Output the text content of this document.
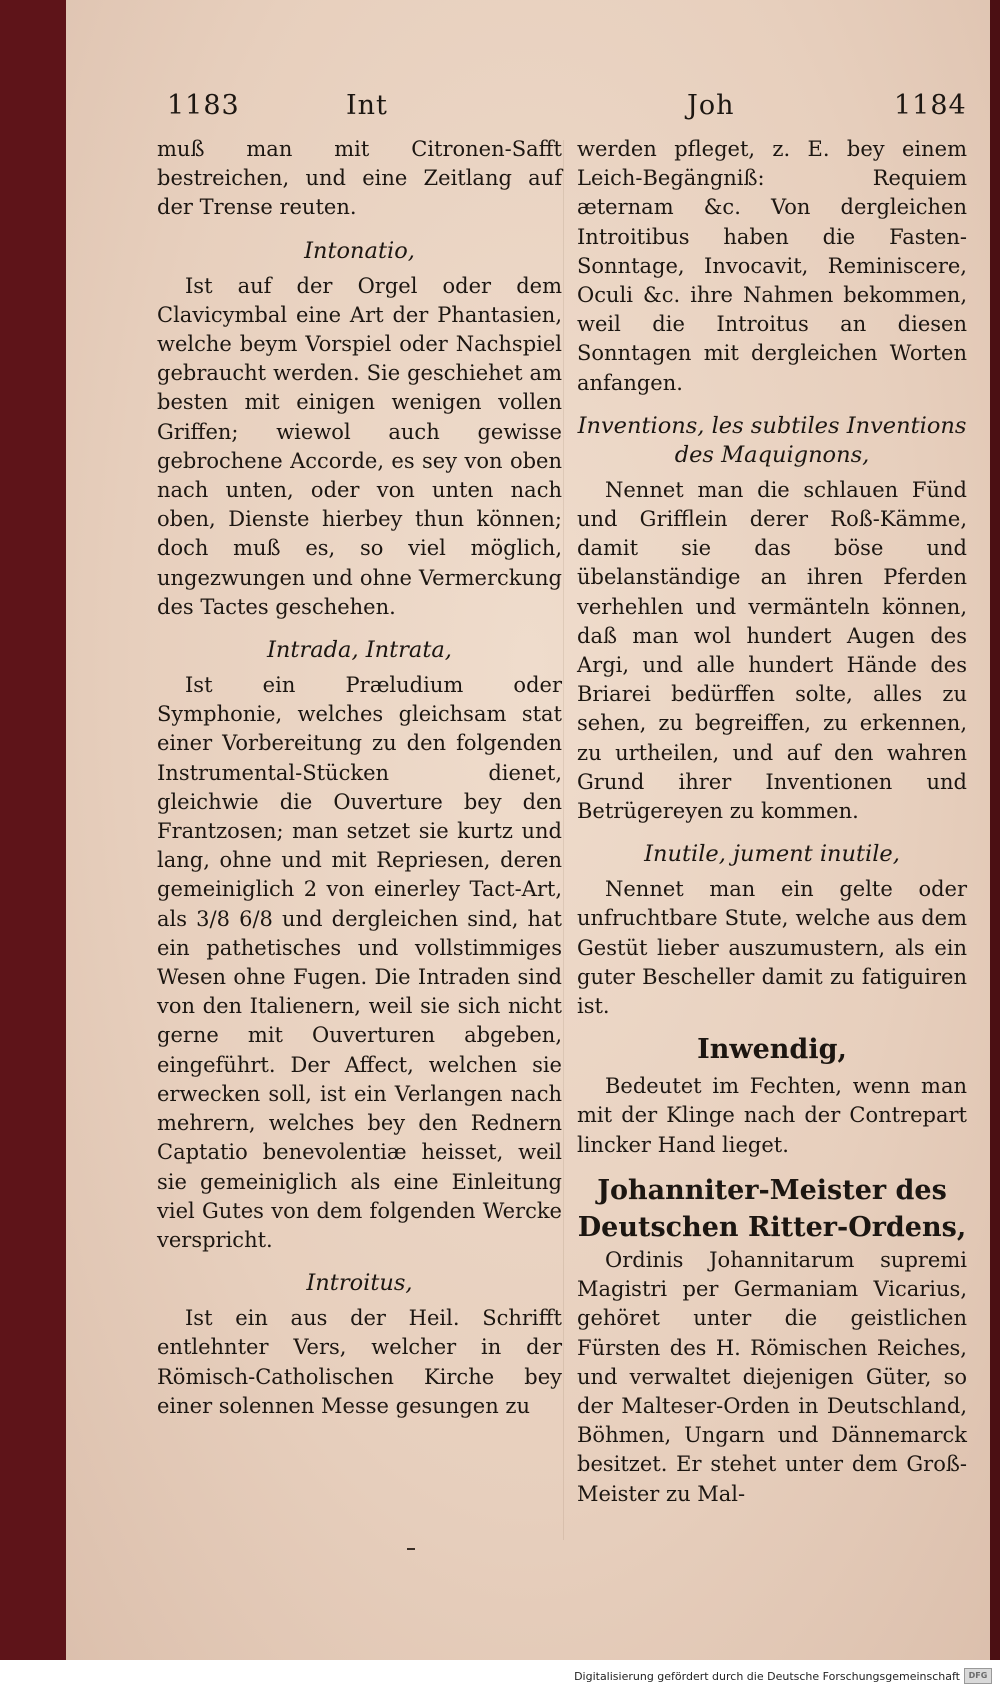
1183	Int	Joh	1184

muß man mit Citronen-Safft bestreichen, und eine Zeitlang auf der Trense reuten.

Intonatio,

Ist auf der Orgel oder dem Clavicymbal eine Art der Phantasien, welche beym Vorspiel oder Nachspiel gebraucht werden. Sie geschiehet am besten mit einigen wenigen vollen Griffen; wiewol auch gewisse gebrochene Accorde, es sey von oben nach unten, oder von unten nach oben, Dienste hierbey thun können; doch muß es, so viel möglich, ungezwungen und ohne Vermerckung des Tactes geschehen.

Intrada, Intrata,

Ist ein Præludium oder Symphonie, welches gleichsam stat einer Vorbereitung zu den folgenden Instrumental-Stücken dienet, gleichwie die Ouverture bey den Frantzosen; man setzet sie kurtz und lang, ohne und mit Repriesen, deren gemeiniglich 2 von einerley Tact-Art, als 3/8 6/8 und dergleichen sind, hat ein pathetisches und vollstimmiges Wesen ohne Fugen. Die Intraden sind von den Italienern, weil sie sich nicht gerne mit Ouverturen abgeben, eingeführt. Der Affect, welchen sie erwecken soll, ist ein Verlangen nach mehrern, welches bey den Rednern Captatio benevolentiæ heisset, weil sie gemeiniglich als eine Einleitung viel Gutes von dem folgenden Wercke verspricht.

Introitus,

Ist ein aus der Heil. Schrifft entlehnter Vers, welcher in der Römisch-Catholischen Kirche bey einer solennen Messe gesungen zu

werden pfleget, z. E. bey einem Leich-Begängniß: Requiem æternam &c. Von dergleichen Introitibus haben die Fasten-Sonntage, Invocavit, Reminiscere, Oculi &c. ihre Nahmen bekommen, weil die Introitus an diesen Sonntagen mit dergleichen Worten anfangen.

Inventions, les subtiles Inventions des Maquignons,

Nennet man die schlauen Fünd und Grifflein derer Roß-Kämme, damit sie das böse und übelanständige an ihren Pferden verhehlen und vermänteln können, daß man wol hundert Augen des Argi, und alle hundert Hände des Briarei bedürffen solte, alles zu sehen, zu begreiffen, zu erkennen, zu urtheilen, und auf den wahren Grund ihrer Inventionen und Betrügereyen zu kommen.

Inutile, jument inutile,

Nennet man ein gelte oder unfruchtbare Stute, welche aus dem Gestüt lieber auszumustern, als ein guter Bescheller damit zu fatiguiren ist.

Inwendig,

Bedeutet im Fechten, wenn man mit der Klinge nach der Contrepart lincker Hand lieget.

Johanniter-Meister des Deutschen Ritter-Ordens,

Ordinis Johannitarum supremi Magistri per Germaniam Vicarius, gehöret unter die geistlichen Fürsten des H. Römischen Reiches, und verwaltet diejenigen Güter, so der Malteser-Orden in Deutschland, Böhmen, Ungarn und Dännemarck besitzet. Er stehet unter dem Groß-Meister zu Mal-

Digitalisierung gefördert durch die Deutsche Forschungsgemeinschaft	DFG
